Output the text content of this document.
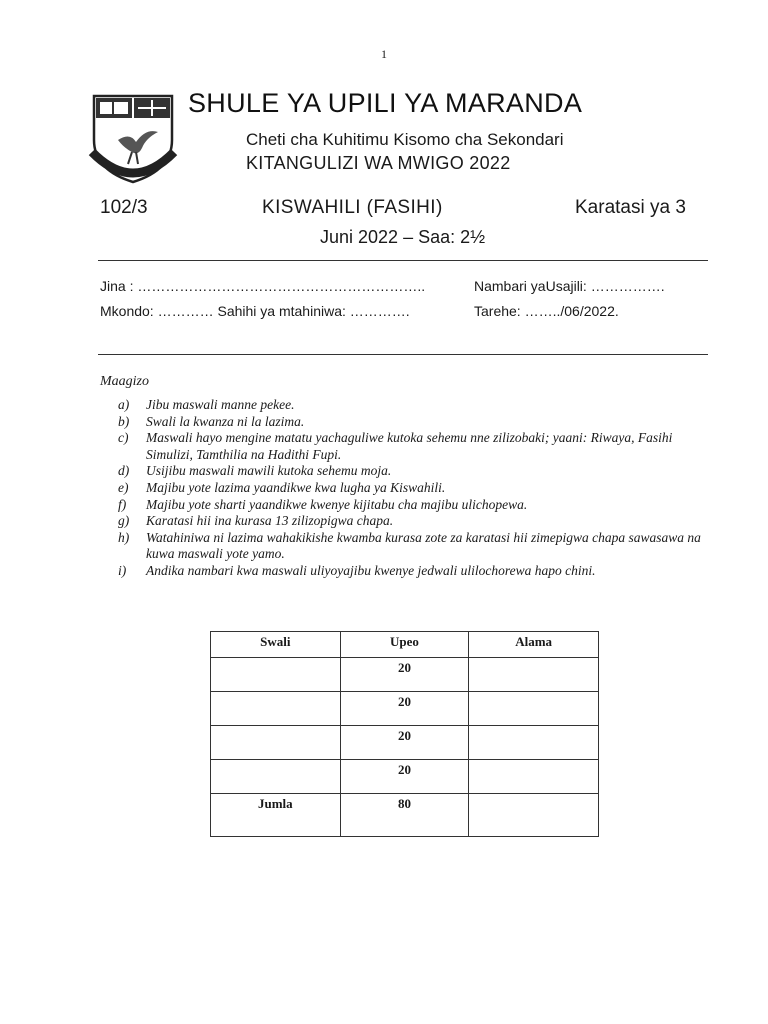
1
SHULE YA UPILI YA MARANDA
Cheti cha Kuhitimu Kisomo cha Sekondari
KITANGULIZI WA MWIGO 2022
102/3	KISWAHILI (FASIHI)	Karatasi ya 3
Juni 2022 – Saa: 2½
Jina : ……………………………………………………..	Nambari yaUsajili: …………….
Mkondo: ………… Sahihi ya mtahiniwa: ………….	Tarehe: ……../06/2022.
Maagizo
a)	Jibu maswali manne pekee.
b)	Swali la kwanza ni la lazima.
c)	Maswali hayo mengine matatu yachaguliwe kutoka sehemu nne zilizobaki; yaani: Riwaya, Fasihi Simulizi, Tamthilia na Hadithi Fupi.
d)	Usijibu maswali mawili kutoka sehemu moja.
e)	Majibu yote lazima yaandikwe kwa lugha ya Kiswahili.
f)	Majibu yote sharti yaandikwe kwenye kijitabu cha majibu ulichopewa.
g)	Karatasi hii ina kurasa 13 zilizopigwa chapa.
h)	Watahiniwa ni lazima wahakikishe kwamba kurasa zote za karatasi hii zimepigwa chapa sawasawa na kuwa maswali yote yamo.
i)	Andika nambari kwa maswali uliyoyajibu kwenye jedwali ulilochorewa hapo chini.
Swali	Upeo	Alama
	20	
	20	
	20	
	20	
Jumla	80	
